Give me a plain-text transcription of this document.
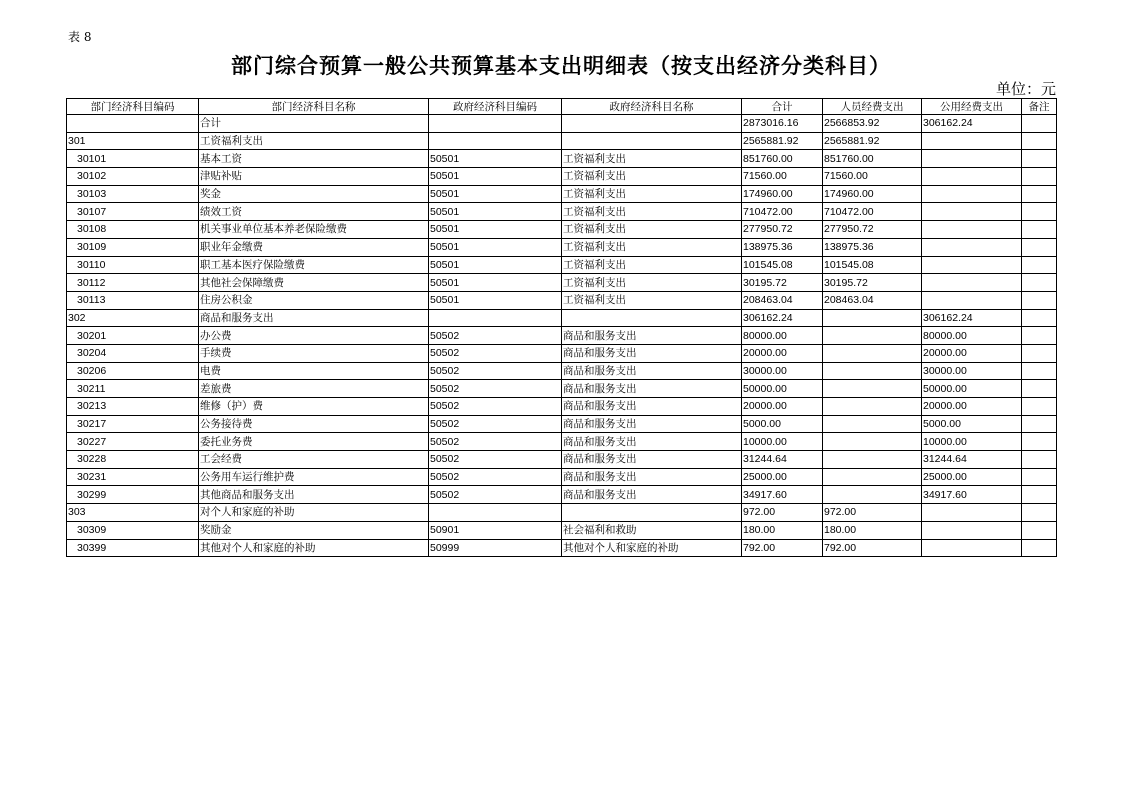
表 8
部门综合预算一般公共预算基本支出明细表（按支出经济分类科目）
单位：元
部门经济科目编码	部门经济科目名称	政府经济科目编码	政府经济科目名称	合计	人员经费支出	公用经费支出	备注
	合计			2873016.16	2566853.92	306162.24	
301	工资福利支出			2565881.92	2565881.92		
30101	基本工资	50501	工资福利支出	851760.00	851760.00		
30102	津贴补贴	50501	工资福利支出	71560.00	71560.00		
30103	奖金	50501	工资福利支出	174960.00	174960.00		
30107	绩效工资	50501	工资福利支出	710472.00	710472.00		
30108	机关事业单位基本养老保险缴费	50501	工资福利支出	277950.72	277950.72		
30109	职业年金缴费	50501	工资福利支出	138975.36	138975.36		
30110	职工基本医疗保险缴费	50501	工资福利支出	101545.08	101545.08		
30112	其他社会保障缴费	50501	工资福利支出	30195.72	30195.72		
30113	住房公积金	50501	工资福利支出	208463.04	208463.04		
302	商品和服务支出			306162.24		306162.24	
30201	办公费	50502	商品和服务支出	80000.00		80000.00	
30204	手续费	50502	商品和服务支出	20000.00		20000.00	
30206	电费	50502	商品和服务支出	30000.00		30000.00	
30211	差旅费	50502	商品和服务支出	50000.00		50000.00	
30213	维修（护）费	50502	商品和服务支出	20000.00		20000.00	
30217	公务接待费	50502	商品和服务支出	5000.00		5000.00	
30227	委托业务费	50502	商品和服务支出	10000.00		10000.00	
30228	工会经费	50502	商品和服务支出	31244.64		31244.64	
30231	公务用车运行维护费	50502	商品和服务支出	25000.00		25000.00	
30299	其他商品和服务支出	50502	商品和服务支出	34917.60		34917.60	
303	对个人和家庭的补助			972.00	972.00		
30309	奖励金	50901	社会福利和救助	180.00	180.00		
30399	其他对个人和家庭的补助	50999	其他对个人和家庭的补助	792.00	792.00		
